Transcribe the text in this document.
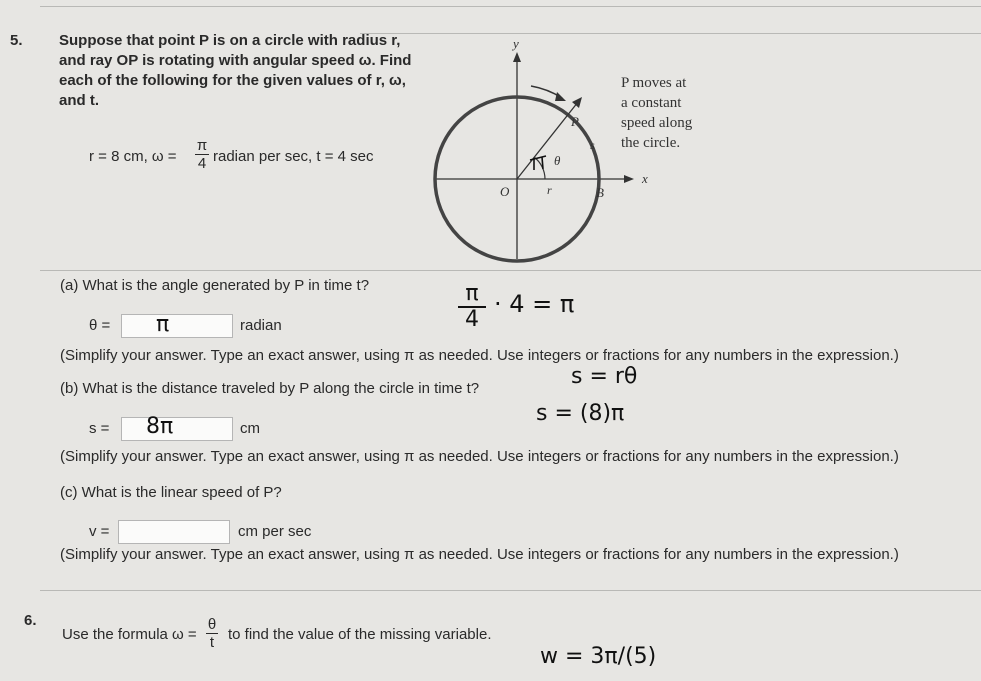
5. Suppose that point P is on a circle with radius r,
and ray OP is rotating with angular speed ω. Find
each of the following for the given values of r, ω,
and t.
r = 8 cm, $\omega = \frac{\pi}{4}$ radian per sec, t = 4 sec
y
x
P
O	r	B
s
θ
P moves at
a constant
speed along
the circle.
(a) What is the angle generated by P in time t?
θ = π	radian
(Simplify your answer. Type an exact answer, using π as needed. Use integers or fractions for any numbers in the expression.)
$\frac{\pi}{4} \cdot 4 = \pi$
(b) What is the distance traveled by P along the circle in time t?	s = rθ
s = (8)π
s = 8π	cm
(Simplify your answer. Type an exact answer, using π as needed. Use integers or fractions for any numbers in the expression.)
(c) What is the linear speed of P?
v =	cm per sec
(Simplify your answer. Type an exact answer, using π as needed. Use integers or fractions for any numbers in the expression.)
6.
Use the formula $\omega = \frac{\theta}{t}$ to find the value of the missing variable.
w = 3π/(5)
